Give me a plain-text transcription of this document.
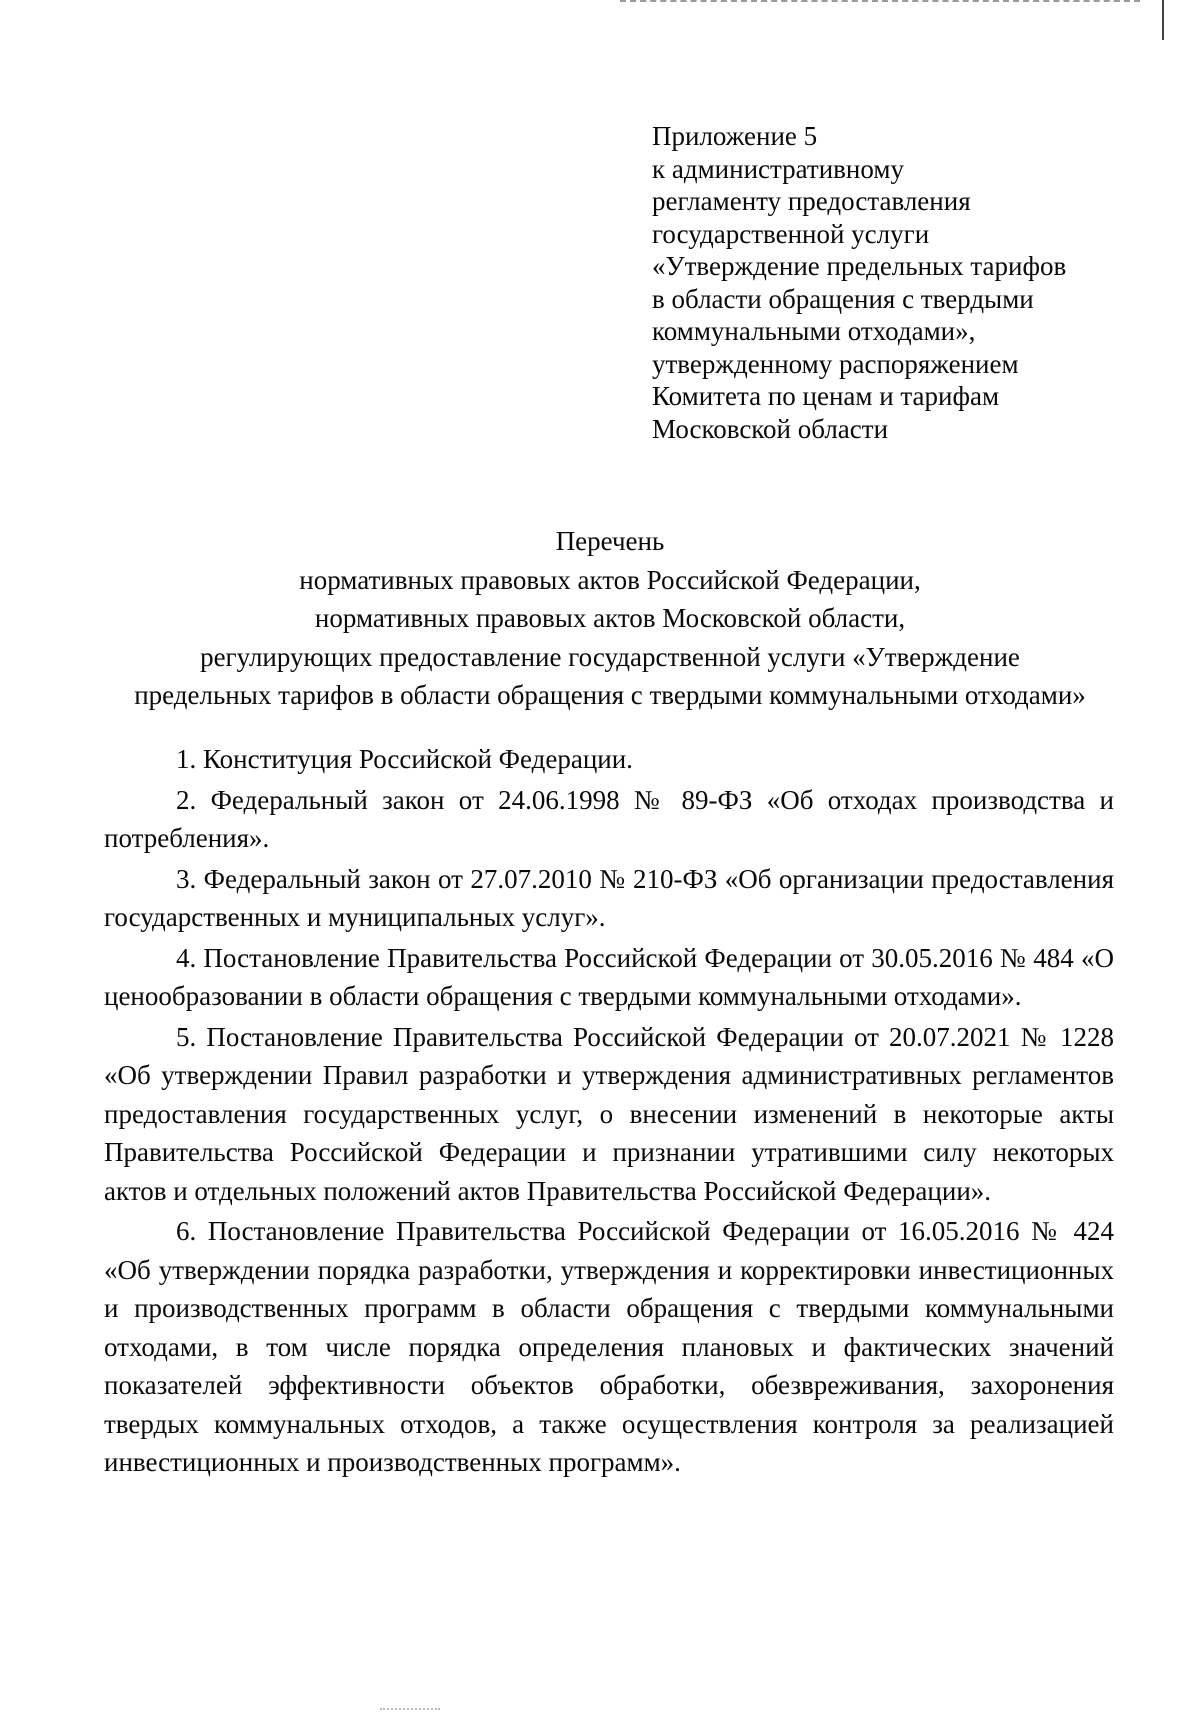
Приложение 5
к административному
регламенту предоставления
государственной услуги
«Утверждение предельных тарифов
в области обращения с твердыми
коммунальными отходами»,
утвержденному распоряжением
Комитета по ценам и тарифам
Московской области
Перечень
нормативных правовых актов Российской Федерации,
нормативных правовых актов Московской области,
регулирующих предоставление государственной услуги «Утверждение
предельных тарифов в области обращения с твердыми коммунальными отходами»

1. Конституция Российской Федерации.

2. Федеральный закон от 24.06.1998 № 89-ФЗ «Об отходах производства и потребления».

3. Федеральный закон от 27.07.2010 № 210-ФЗ «Об организации предоставления государственных и муниципальных услуг».

4. Постановление Правительства Российской Федерации от 30.05.2016 № 484 «О ценообразовании в области обращения с твердыми коммунальными отходами».

5. Постановление Правительства Российской Федерации от 20.07.2021 № 1228 «Об утверждении Правил разработки и утверждения административных регламентов предоставления государственных услуг, о внесении изменений в некоторые акты Правительства Российской Федерации и признании утратившими силу некоторых актов и отдельных положений актов Правительства Российской Федерации».

6. Постановление Правительства Российской Федерации от 16.05.2016 № 424 «Об утверждении порядка разработки, утверждения и корректировки инвестиционных и производственных программ в области обращения с твердыми коммунальными отходами, в том числе порядка определения плановых и фактических значений показателей эффективности объектов обработки, обезвреживания, захоронения твердых коммунальных отходов, а также осуществления контроля за реализацией инвестиционных и производственных программ».
